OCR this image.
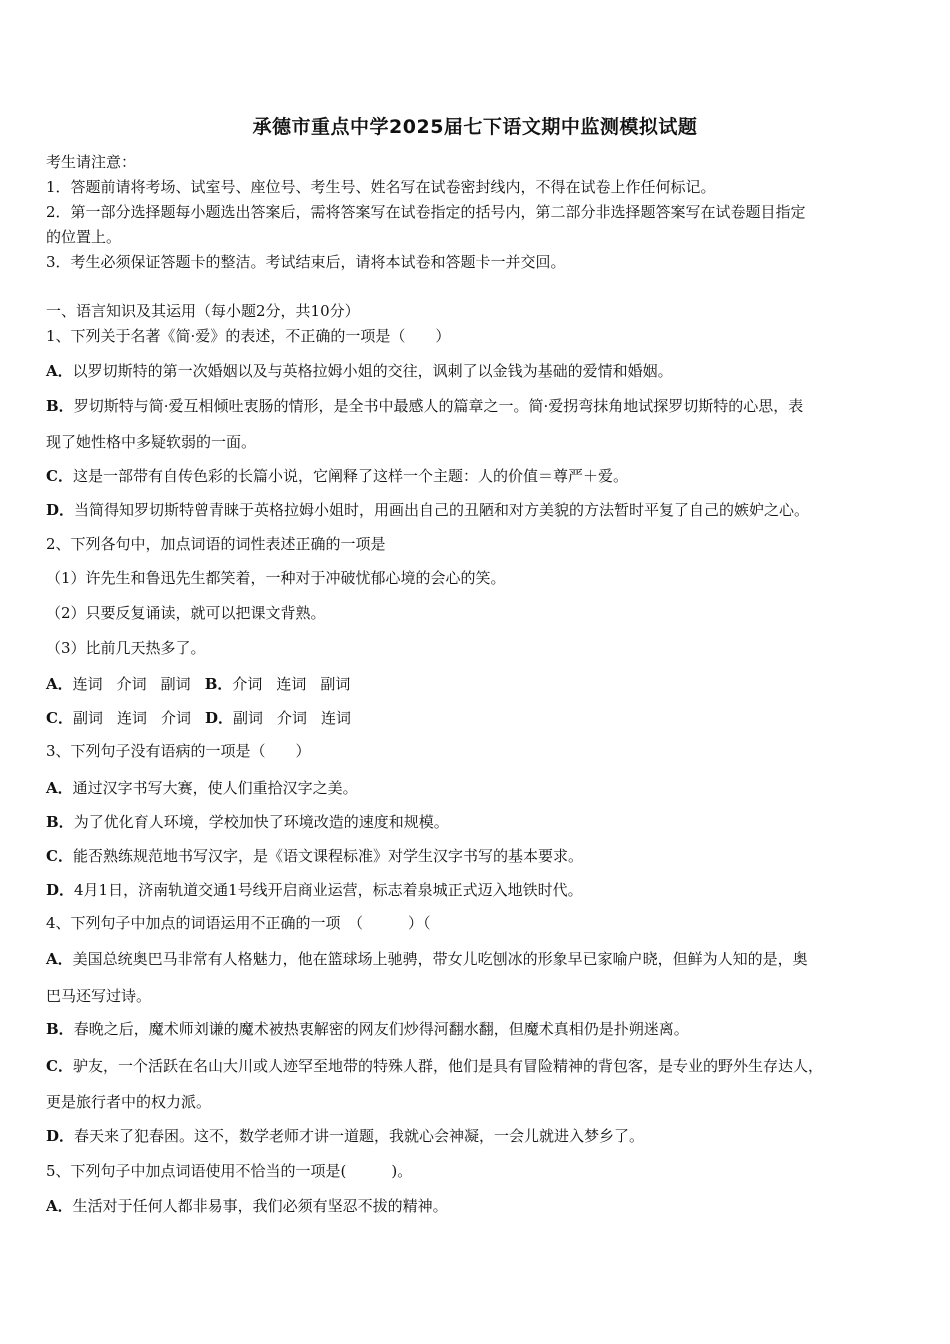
承德市重点中学2025届七下语文期中监测模拟试题
考生请注意：
1．答题前请将考场、试室号、座位号、考生号、姓名写在试卷密封线内，不得在试卷上作任何标记。
2．第一部分选择题每小题选出答案后，需将答案写在试卷指定的括号内，第二部分非选择题答案写在试卷题目指定
的位置上。
3．考生必须保证答题卡的整洁。考试结束后，请将本试卷和答题卡一并交回。
一、语言知识及其运用（每小题2分，共10分）
1、下列关于名著《简·爱》的表述，不正确的一项是（　　）
A．以罗切斯特的第一次婚姻以及与英格拉姆小姐的交往，讽刺了以金钱为基础的爱情和婚姻。
B．罗切斯特与简·爱互相倾吐衷肠的情形，是全书中最感人的篇章之一。简·爱拐弯抹角地试探罗切斯特的心思，表
现了她性格中多疑软弱的一面。
C．这是一部带有自传色彩的长篇小说，它阐释了这样一个主题：人的价值＝尊严＋爱。
D．当简得知罗切斯特曾青睐于英格拉姆小姐时，用画出自己的丑陋和对方美貌的方法暂时平复了自己的嫉妒之心。
2、下列各句中，加点词语的词性表述正确的一项是
（1）许先生和鲁迅先生都笑着，一种对于冲破忧郁心境的会心的笑。
（2）只要反复诵读，就可以把课文背熟。
（3）比前几天热多了。
A．连词 介词 副词 B．介词 连词 副词
C．副词 连词 介词 D．副词 介词 连词
3、下列句子没有语病的一项是（　　）
A．通过汉字书写大赛，使人们重拾汉字之美。
B．为了优化育人环境，学校加快了环境改造的速度和规模。
C．能否熟练规范地书写汉字，是《语文课程标准》对学生汉字书写的基本要求。
D．4月1日，济南轨道交通1号线开启商业运营，标志着泉城正式迈入地铁时代。
4、下列句子中加点的词语运用不正确的一项　（　　　）（
A．美国总统奥巴马非常有人格魅力，他在篮球场上驰骋，带女儿吃刨冰的形象早已家喻户晓，但鲜为人知的是，奥
巴马还写过诗。
B．春晚之后，魔术师刘谦的魔术被热衷解密的网友们炒得河翻水翻，但魔术真相仍是扑朔迷离。
C．驴友，一个活跃在名山大川或人迹罕至地带的特殊人群，他们是具有冒险精神的背包客，是专业的野外生存达人，
更是旅行者中的权力派。
D．春天来了犯春困。这不，数学老师才讲一道题，我就心会神凝，一会儿就进入梦乡了。
5、下列句子中加点词语使用不恰当的一项是(　　　)。
A．生活对于任何人都非易事，我们必须有坚忍不拔的精神。
